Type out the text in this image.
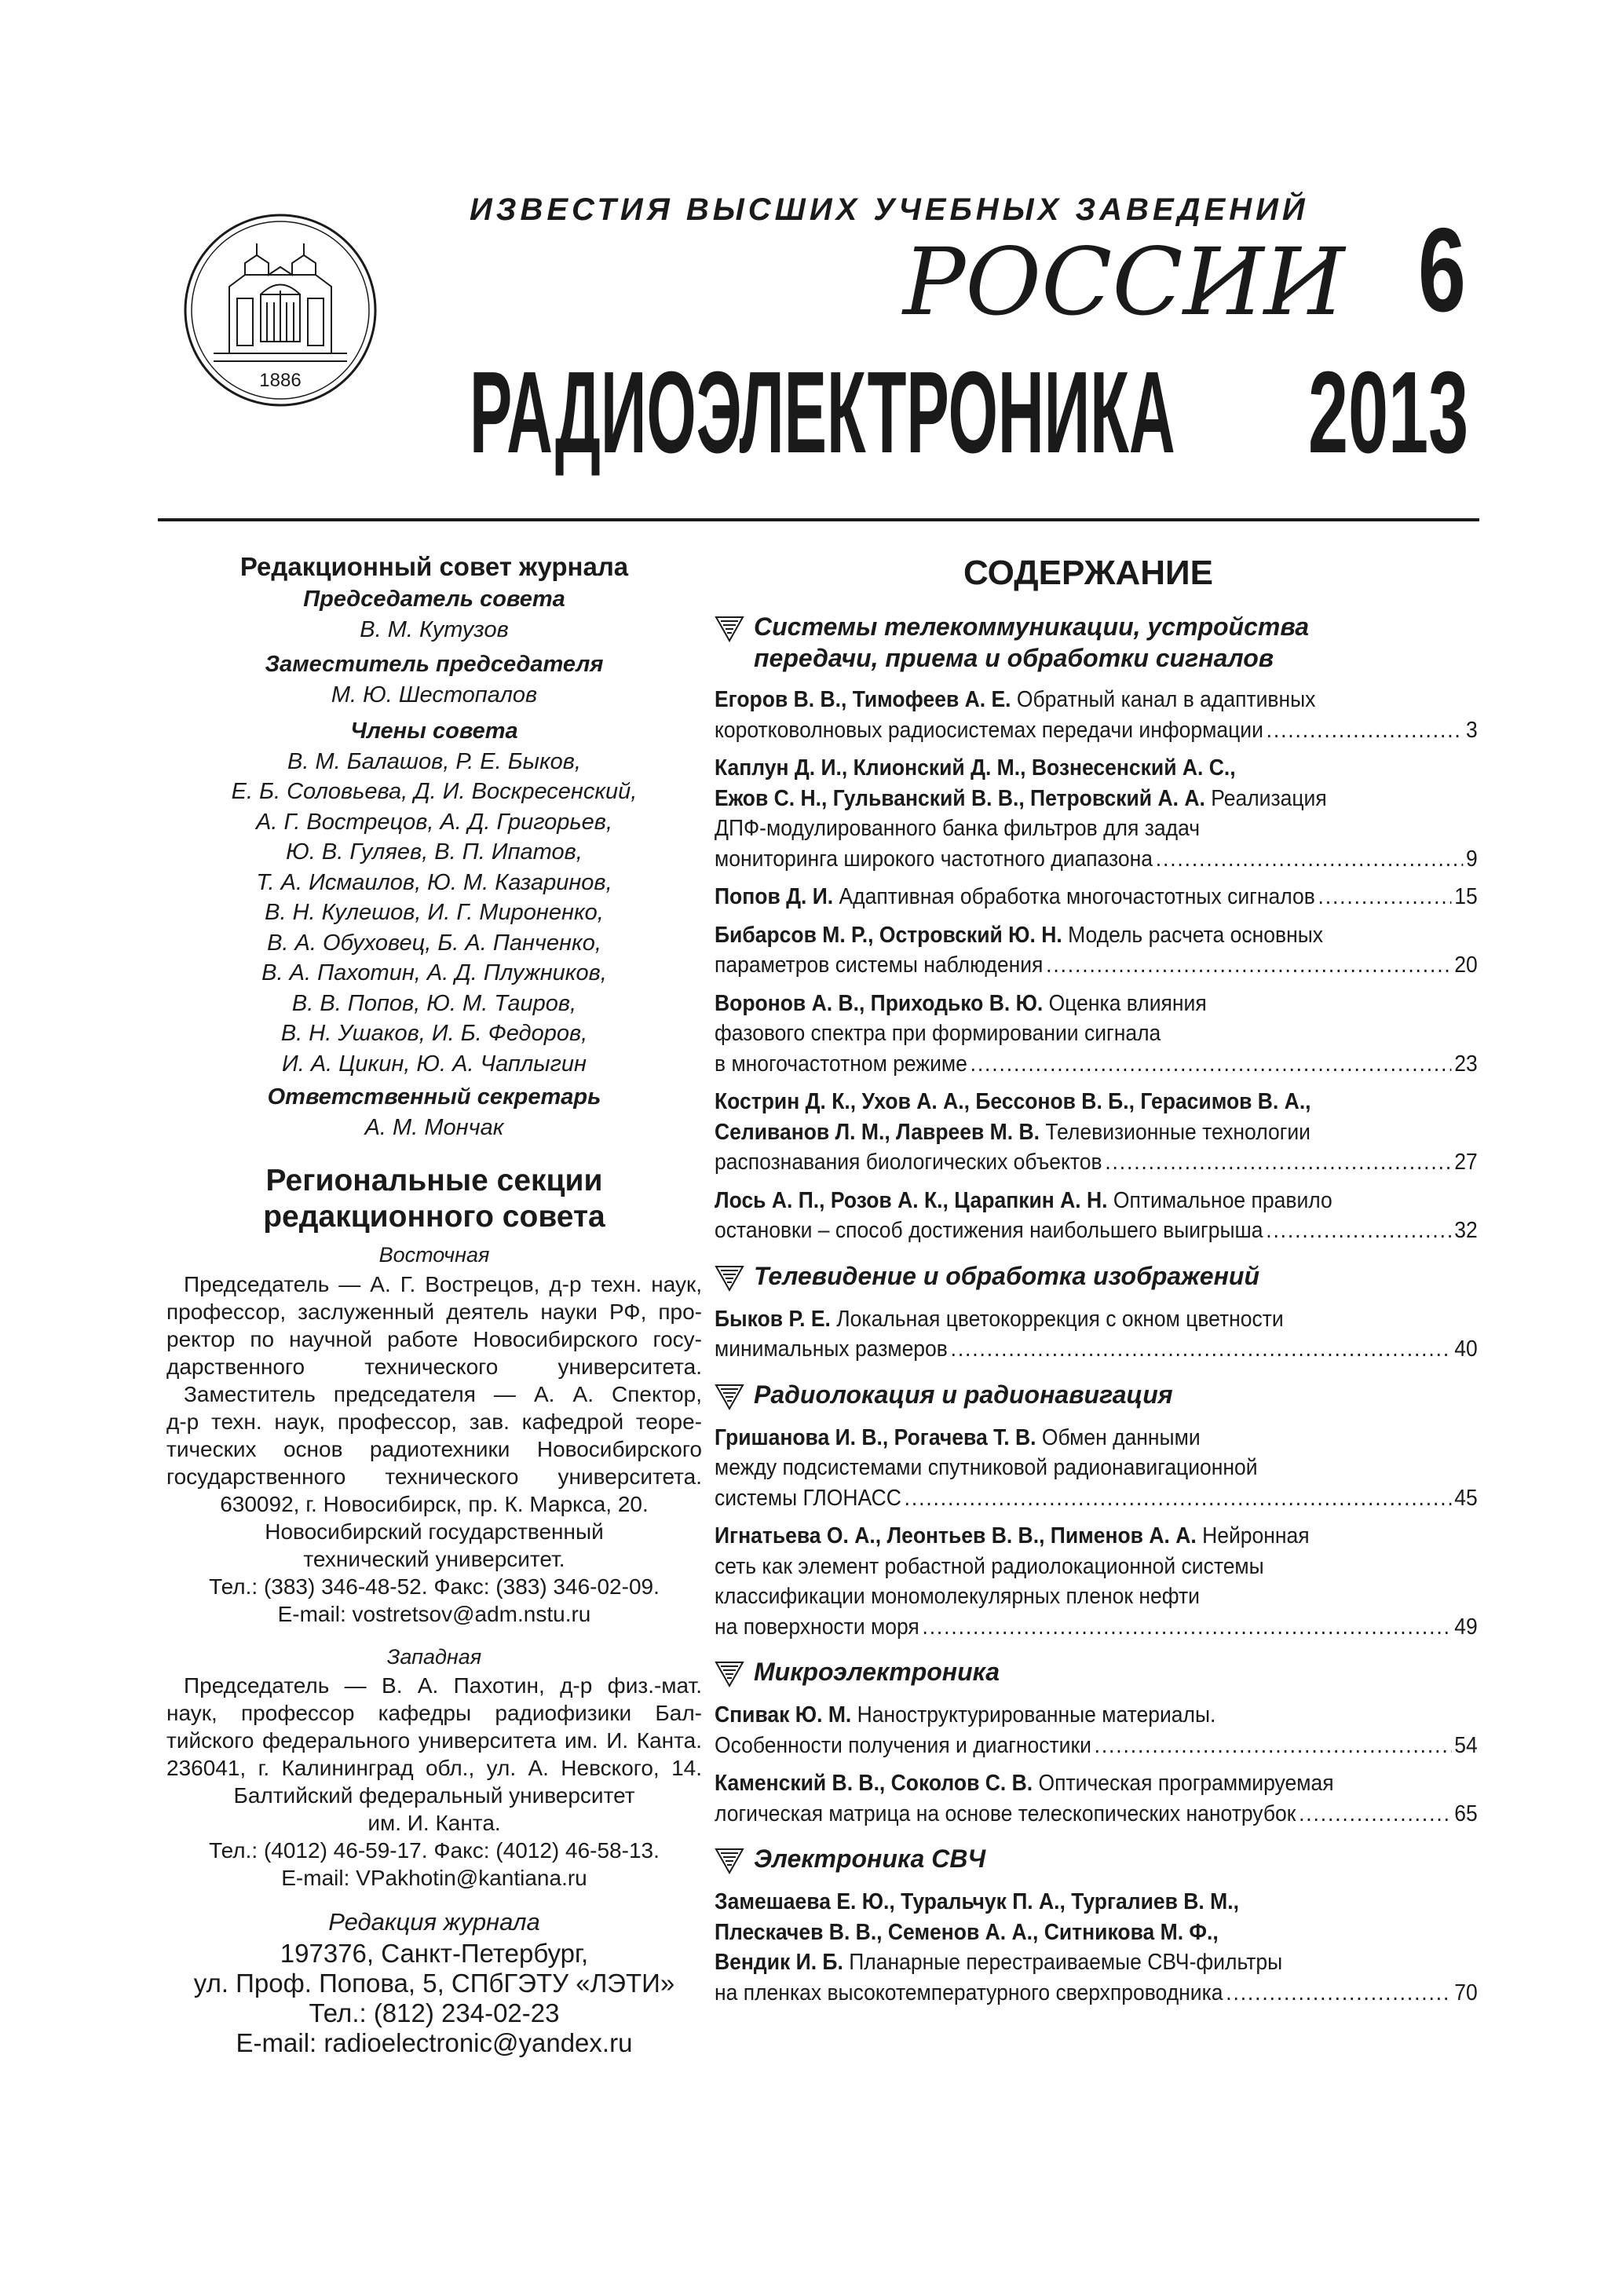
1886
ИЗВЕСТИЯ ВЫСШИХ УЧЕБНЫХ ЗАВЕДЕНИЙ
РОССИИ 6
РАДИОЭЛЕКТРОНИКА 2013
Редакционный совет журнала
Председатель совета
В. М. Кутузов
Заместитель председателя
М. Ю. Шестопалов
Члены совета
В. М. Балашов, Р. Е. Быков,
Е. Б. Соловьева, Д. И. Воскресенский,
А. Г. Вострецов, А. Д. Григорьев,
Ю. В. Гуляев, В. П. Ипатов,
Т. А. Исмаилов, Ю. М. Казаринов,
В. Н. Кулешов, И. Г. Мироненко,
В. А. Обуховец, Б. А. Панченко,
В. А. Пахотин, А. Д. Плужников,
В. В. Попов, Ю. М. Таиров,
В. Н. Ушаков, И. Б. Федоров,
И. А. Цикин, Ю. А. Чаплыгин
Ответственный секретарь
А. М. Мончак
Региональные секции
редакционного совета
Восточная
Председатель — А. Г. Вострецов, д-р техн. наук,
профессор, заслуженный деятель науки РФ, про-
ректор по научной работе Новосибирского госу-
дарственного технического университета.
Заместитель председателя — А. А. Спектор,
д-р техн. наук, профессор, зав. кафедрой теоре-
тических основ радиотехники Новосибирского
государственного технического университета.
630092, г. Новосибирск, пр. К. Маркса, 20.
Новосибирский государственный
технический университет.
Тел.: (383) 346-48-52. Факс: (383) 346-02-09.
E-mail: vostretsov@adm.nstu.ru
Западная
Председатель — В. А. Пахотин, д-р физ.-мат.
наук, профессор кафедры радиофизики Бал-
тийского федерального университета им. И. Канта.
236041, г. Калининград обл., ул. А. Невского, 14.
Балтийский федеральный университет
им. И. Канта.
Тел.: (4012) 46-59-17. Факс: (4012) 46-58-13.
E-mail: VPakhotin@kantiana.ru
Редакция журнала
197376, Санкт-Петербург,
ул. Проф. Попова, 5, СПбГЭТУ «ЛЭТИ»
Тел.: (812) 234-02-23
E-mail: radioelectronic@yandex.ru
СОДЕРЖАНИЕ
Системы телекоммуникации, устройства
передачи, приема и обработки сигналов
Егоров В. В., Тимофеев А. Е. Обратный канал в адаптивных
коротковолновых радиосистемах передачи информации .....	3
Каплун Д. И., Клионский Д. М., Вознесенский А. С.,
Ежов С. Н., Гульванский В. В., Петровский А. А. Реализация
ДПФ-модулированного банка фильтров для задач
мониторинга широкого частотного диапазона .....	9
Попов Д. И. Адаптивная обработка многочастотных сигналов .....	15
Бибарсов М. Р., Островский Ю. Н. Модель расчета основных
параметров системы наблюдения .....	20
Воронов А. В., Приходько В. Ю. Оценка влияния
фазового спектра при формировании сигнала
в многочастотном режиме .....	23
Кострин Д. К., Ухов А. А., Бессонов В. Б., Герасимов В. А.,
Селиванов Л. М., Лавреев М. В. Телевизионные технологии
распознавания биологических объектов .....	27
Лось А. П., Розов А. К., Царапкин А. Н. Оптимальное правило
остановки – способ достижения наибольшего выигрыша .....	32
Телевидение и обработка изображений
Быков Р. Е. Локальная цветокоррекция с окном цветности
минимальных размеров .....	40
Радиолокация и радионавигация
Гришанова И. В., Рогачева Т. В. Обмен данными
между подсистемами спутниковой радионавигационной
системы ГЛОНАСС .....	45
Игнатьева О. А., Леонтьев В. В., Пименов А. А. Нейронная
сеть как элемент робастной радиолокационной системы
классификации мономолекулярных пленок нефти
на поверхности моря .....	49
Микроэлектроника
Спивак Ю. М. Наноструктурированные материалы.
Особенности получения и диагностики .....	54
Каменский В. В., Соколов С. В. Оптическая программируемая
логическая матрица на основе телескопических нанотрубок .....	65
Электроника СВЧ
Замешаева Е. Ю., Туральчук П. А., Тургалиев В. М.,
Плескачев В. В., Семенов А. А., Ситникова М. Ф.,
Вендик И. Б. Планарные перестраиваемые СВЧ-фильтры
на пленках высокотемпературного сверхпроводника .....	70
